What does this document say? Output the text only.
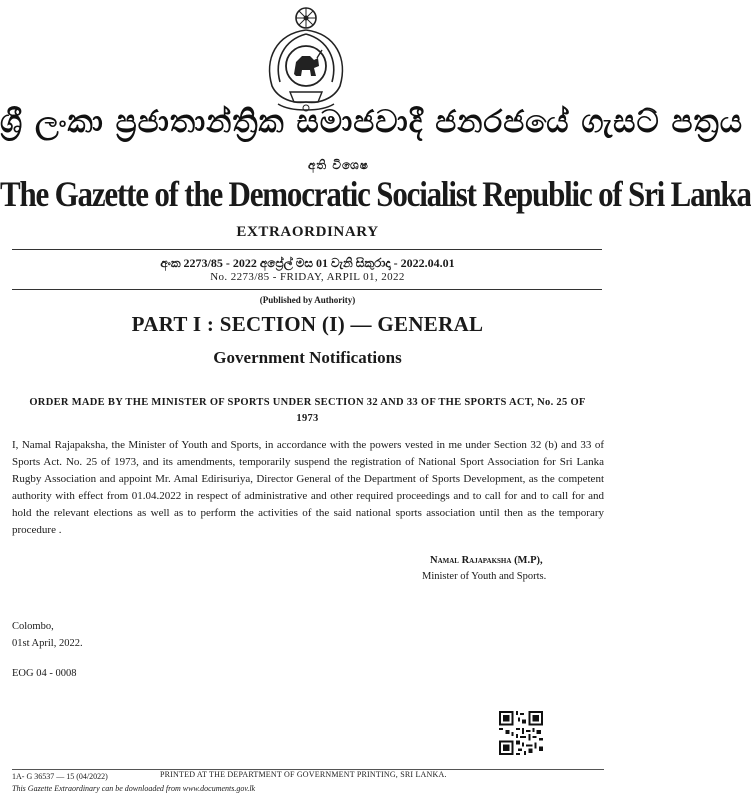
ශ්‍රී ලංකා ප්‍රජාතාන්ත්‍රික සමාජවාදී ජනරජයේ ගැසට් පත්‍රය
අති විශෙෂ
The Gazette of the Democratic Socialist Republic of Sri Lanka
EXTRAORDINARY
අංක 2273/85 - 2022 අප්‍රේල් මස 01 වැනි සිකුරාදා - 2022.04.01
No. 2273/85 - FRIDAY, ARPIL 01, 2022
(Published by Authority)
PART I : SECTION (I) — GENERAL
Government Notifications
ORDER MADE BY THE MINISTER OF SPORTS UNDER SECTION 32 AND 33 OF THE SPORTS ACT, No. 25 OF 1973
I, Namal Rajapaksha, the Minister of Youth and Sports, in accordance with the powers vested in me under Section 32 (b) and 33 of Sports Act. No. 25 of 1973, and its amendments, temporarily suspend the registration of National Sport Association for Sri Lanka Rugby Association and appoint Mr. Amal Edirisuriya, Director General of the Department of Sports Development, as the competent authority with effect from 01.04.2022 in respect of administrative and other required proceedings and to call for and to call for and hold the relevant elections as well as to perform the activities of the said national sports association until then as the temporary procedure .
Namal Rajapaksha (M.P),
Minister of Youth and Sports.
Colombo,
01st April, 2022.
EOG 04 - 0008
1A- G 36537 — 15 (04/2022)	PRINTED AT THE DEPARTMENT OF GOVERNMENT PRINTING, SRI LANKA.
This Gazette Extraordinary can be downloaded from www.documents.gov.lk
